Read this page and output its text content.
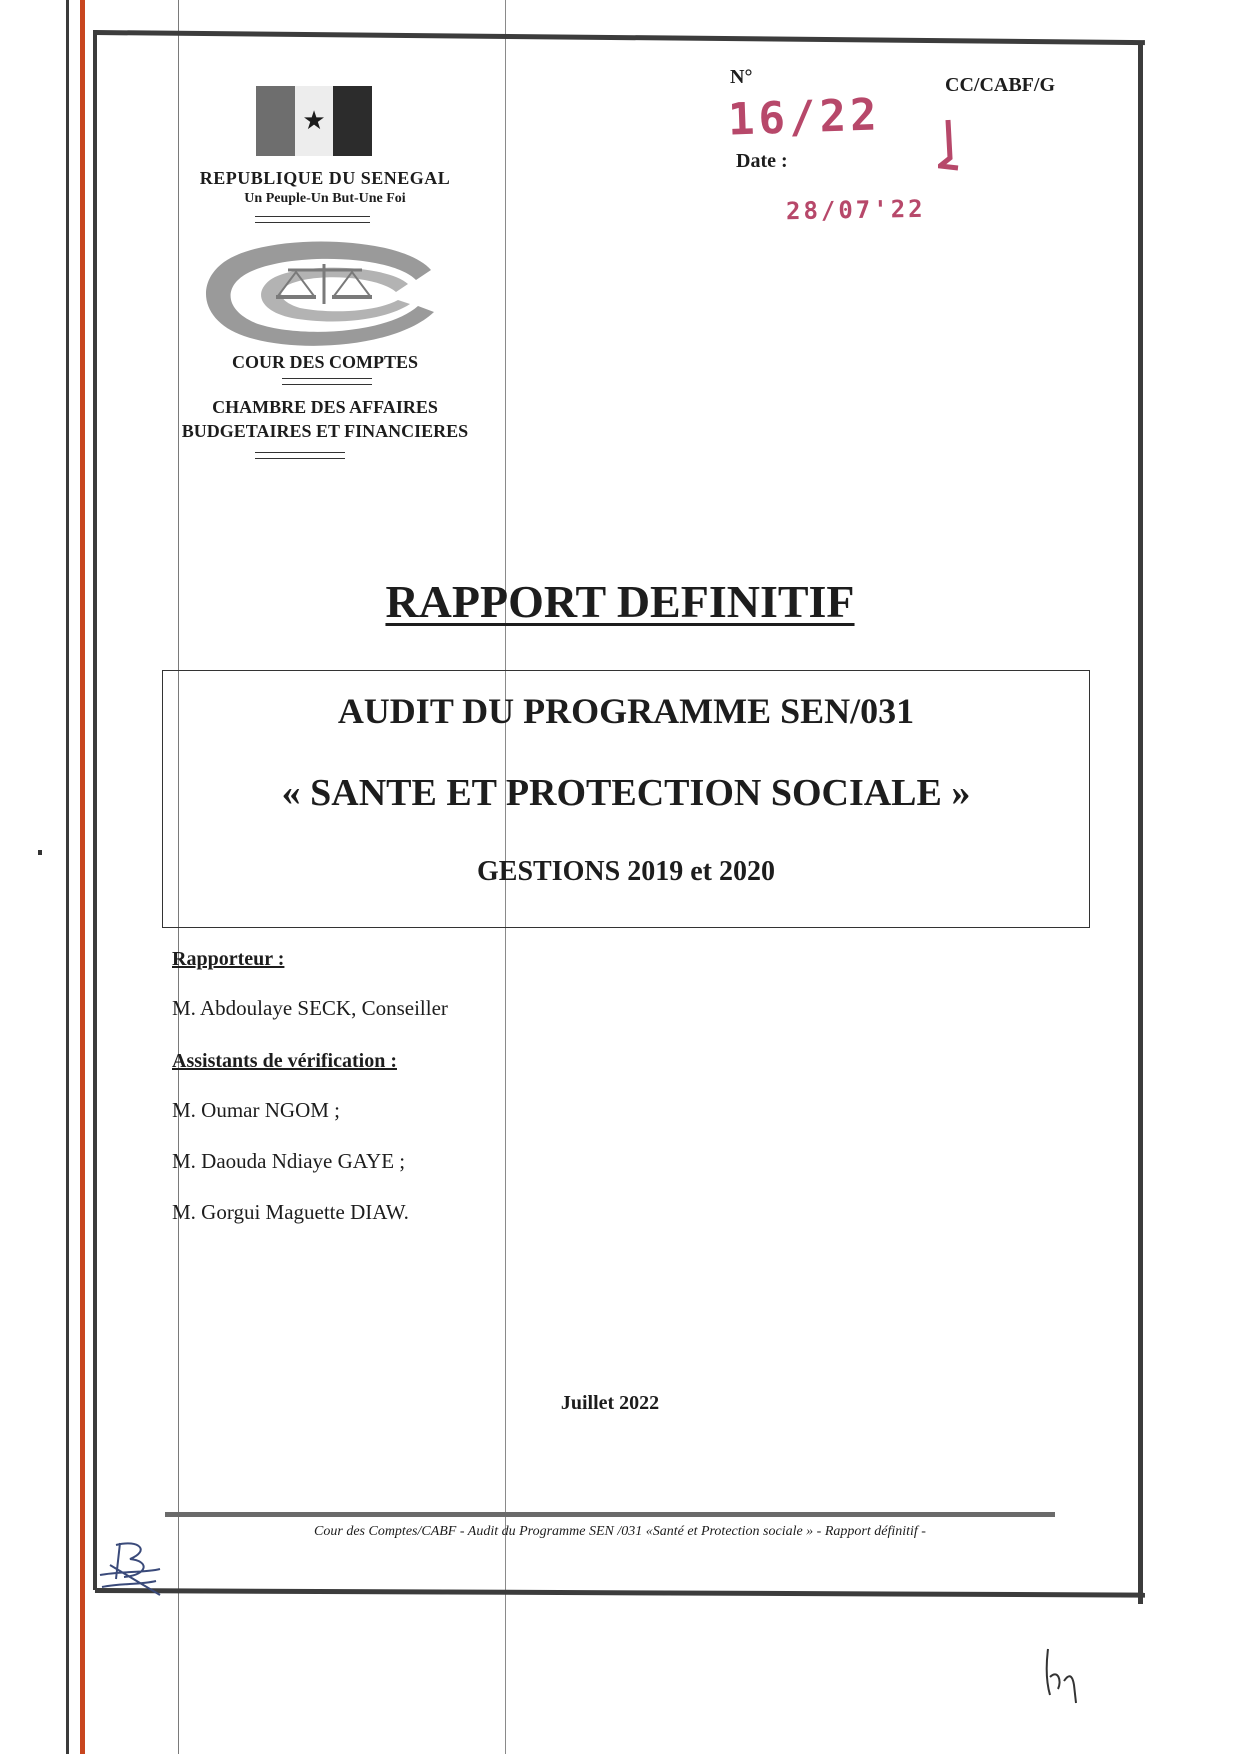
★
REPUBLIQUE DU SENEGAL
Un Peuple-Un But-Une Foi
COUR DES COMPTES
CHAMBRE DES AFFAIRES
BUDGETAIRES ET FINANCIERES
N°	CC/CABF/G
16/22
Date :
28/07'22
RAPPORT DEFINITIF
AUDIT DU PROGRAMME SEN/031
« SANTE ET PROTECTION SOCIALE »
GESTIONS 2019 et 2020
Rapporteur :
M. Abdoulaye SECK, Conseiller
Assistants de vérification :
M. Oumar NGOM ;
M. Daouda Ndiaye GAYE ;
M. Gorgui Maguette DIAW.
Juillet 2022
Cour des Comptes/CABF - Audit du Programme SEN /031 «Santé et Protection sociale » - Rapport définitif -
